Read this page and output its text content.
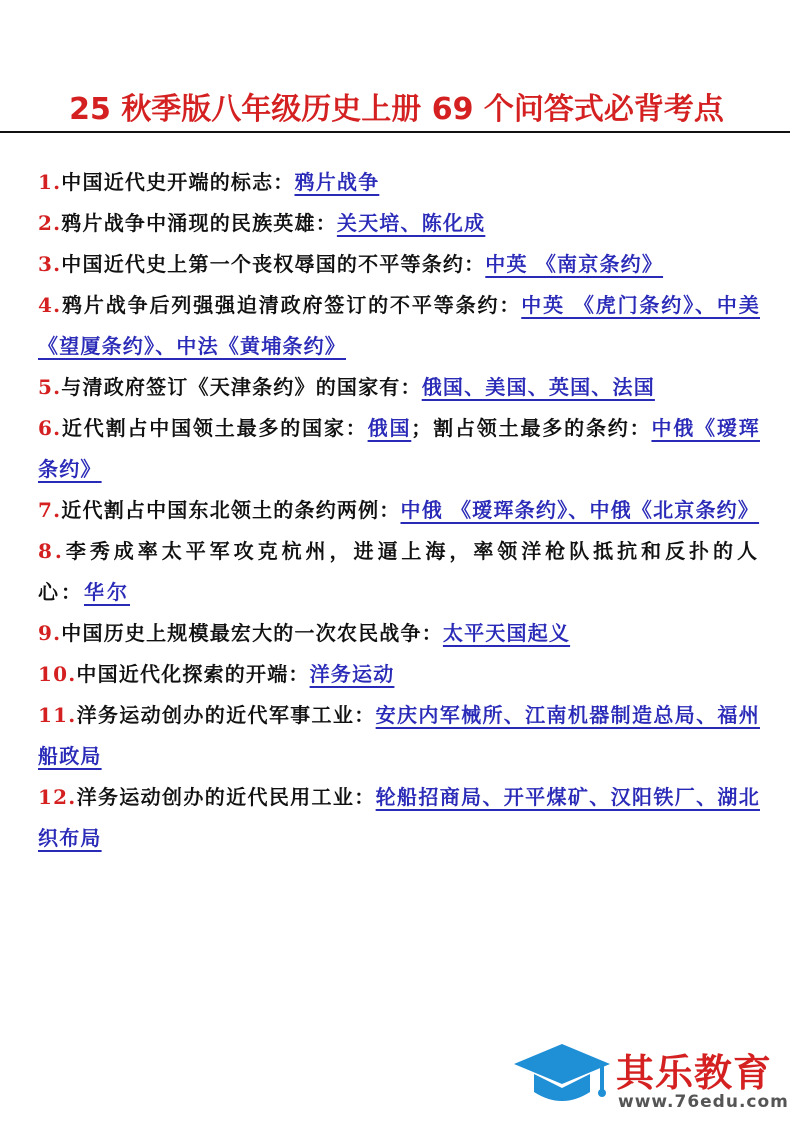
25 秋季版八年级历史上册 69 个问答式必背考点
1.中国近代史开端的标志：鸦片战争
2.鸦片战争中涌现的民族英雄：关天培、陈化成
3.中国近代史上第一个丧权辱国的不平等条约：中英 《南京条约》
4.鸦片战争后列强强迫清政府签订的不平等条约：中英 《虎门条约》、中美《望厦条约》、中法《黄埔条约》
5.与清政府签订《天津条约》的国家有：俄国、美国、英国、法国
6.近代割占中国领土最多的国家：俄国；割占领土最多的条约：中俄《瑷珲条约》
7.近代割占中国东北领土的条约两例：中俄 《瑷珲条约》、中俄《北京条约》
8.李秀成率太平军攻克杭州，进逼上海，率领洋枪队抵抗和反扑的人心：华尔
9.中国历史上规模最宏大的一次农民战争：太平天国起义
10.中国近代化探索的开端：洋务运动
11.洋务运动创办的近代军事工业：安庆内军械所、江南机器制造总局、福州船政局
12.洋务运动创办的近代民用工业：轮船招商局、开平煤矿、汉阳铁厂、湖北织布局
其乐教育
www.76edu.com
